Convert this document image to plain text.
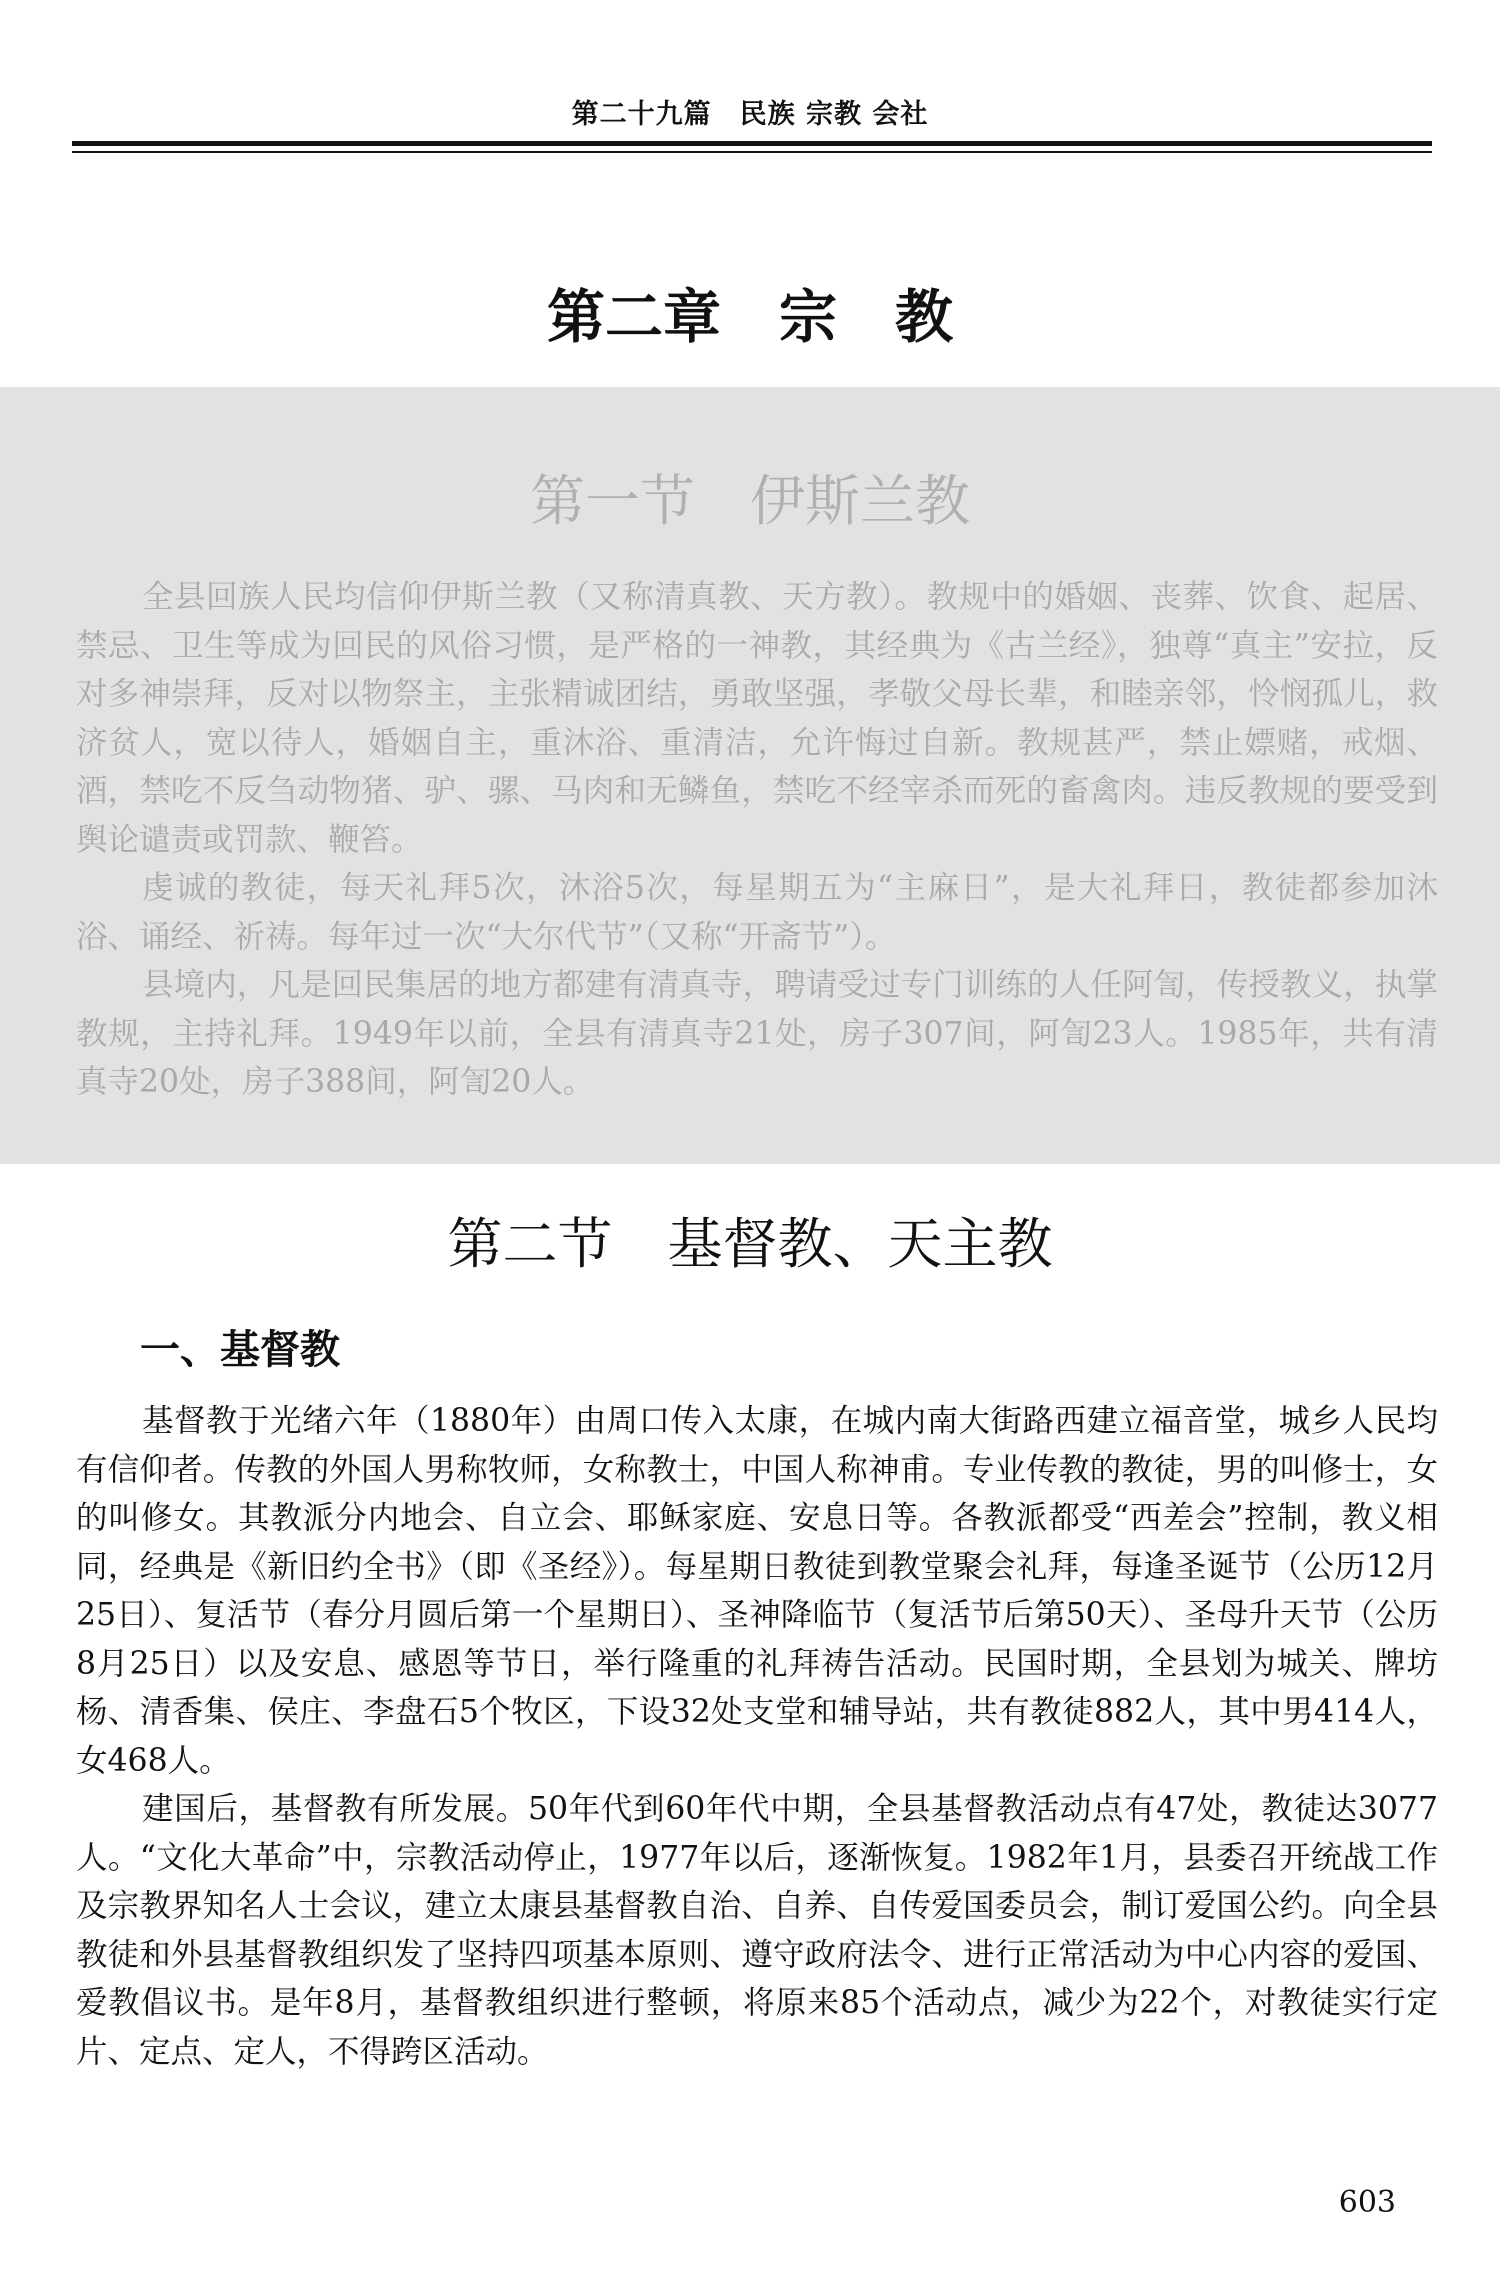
第二十九篇　民族 宗教 会社
第二章　宗　教
第一节　伊斯兰教

全县回族人民均信仰伊斯兰教（又称清真教、天方教）。教规中的婚姻、丧葬、饮食、起居、禁忌、卫生等成为回民的风俗习惯，是严格的一神教，其经典为《古兰经》，独尊“真主”安拉，反对多神崇拜，反对以物祭主，主张精诚团结，勇敢坚强，孝敬父母长辈，和睦亲邻，怜悯孤儿，救济贫人，宽以待人，婚姻自主，重沐浴、重清洁，允许悔过自新。教规甚严，禁止嫖赌，戒烟、酒，禁吃不反刍动物猪、驴、骡、马肉和无鳞鱼，禁吃不经宰杀而死的畜禽肉。违反教规的要受到舆论谴责或罚款、鞭笞。

虔诚的教徒，每天礼拜5次，沐浴5次，每星期五为“主麻日”，是大礼拜日，教徒都参加沐浴、诵经、祈祷。每年过一次“大尔代节”（又称“开斋节”）。

县境内，凡是回民集居的地方都建有清真寺，聘请受过专门训练的人任阿訇，传授教义，执掌教规，主持礼拜。1949年以前，全县有清真寺21处，房子307间，阿訇23人。1985年，共有清真寺20处，房子388间，阿訇20人。

第二节　基督教、天主教
一、基督教

基督教于光绪六年（1880年）由周口传入太康，在城内南大街路西建立福音堂，城乡人民均有信仰者。传教的外国人男称牧师，女称教士，中国人称神甫。专业传教的教徒，男的叫修士，女的叫修女。其教派分内地会、自立会、耶稣家庭、安息日等。各教派都受“西差会”控制，教义相同，经典是《新旧约全书》（即《圣经》）。每星期日教徒到教堂聚会礼拜，每逢圣诞节（公历12月25日）、复活节（春分月圆后第一个星期日）、圣神降临节（复活节后第50天）、圣母升天节（公历8月25日）以及安息、感恩等节日，举行隆重的礼拜祷告活动。民国时期，全县划为城关、牌坊杨、清香集、侯庄、李盘石5个牧区，下设32处支堂和辅导站，共有教徒882人，其中男414人，女468人。

建国后，基督教有所发展。50年代到60年代中期，全县基督教活动点有47处，教徒达3077人。“文化大革命”中，宗教活动停止，1977年以后，逐渐恢复。1982年1月，县委召开统战工作及宗教界知名人士会议，建立太康县基督教自治、自养、自传爱国委员会，制订爱国公约。向全县教徒和外县基督教组织发了坚持四项基本原则、遵守政府法令、进行正常活动为中心内容的爱国、爱教倡议书。是年8月，基督教组织进行整顿，将原来85个活动点，减少为22个，对教徒实行定片、定点、定人，不得跨区活动。

603
